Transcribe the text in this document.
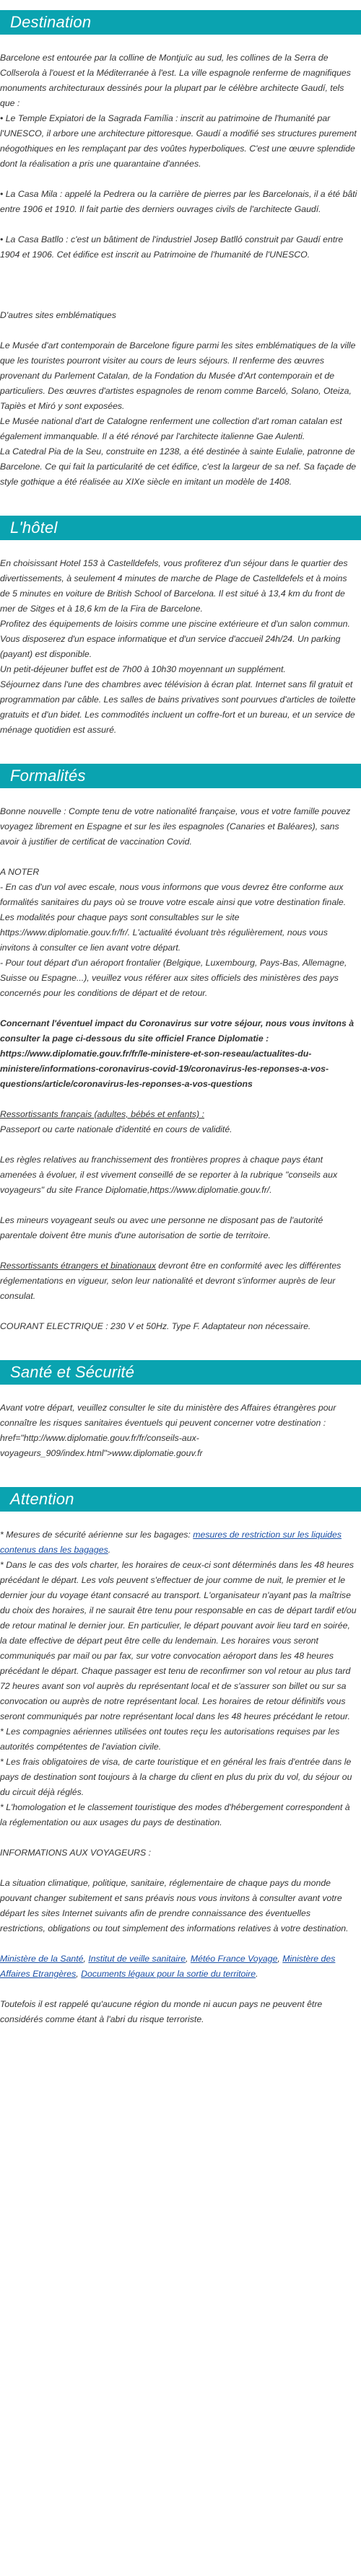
Destination

Barcelone est entourée par la colline de Montjuïc au sud, les collines de la Serra de Collserola à l'ouest et la Méditerranée à l'est. La ville espagnole renferme de magnifiques monuments architecturaux dessinés pour la plupart par le célèbre architecte Gaudí, tels que :

• Le Temple Expiatori de la Sagrada Família : inscrit au patrimoine de l'humanité par l'UNESCO, il arbore une architecture pittoresque. Gaudí a modifié ses structures purement néogothiques en les remplaçant par des voûtes hyperboliques. C'est une œuvre splendide dont la réalisation a pris une quarantaine d'années.

• La Casa Mila : appelé la Pedrera ou la carrière de pierres par les Barcelonais, il a été bâti entre 1906 et 1910. Il fait partie des derniers ouvrages civils de l'architecte Gaudí.

• La Casa Batllo : c'est un bâtiment de l'industriel Josep Batlló construit par Gaudí entre 1904 et 1906. Cet édifice est inscrit au Patrimoine de l'humanité de l'UNESCO.

D'autres sites emblématiques

Le Musée d'art contemporain de Barcelone figure parmi les sites emblématiques de la ville que les touristes pourront visiter au cours de leurs séjours. Il renferme des œuvres provenant du Parlement Catalan, de la Fondation du Musée d'Art contemporain et de particuliers. Des œuvres d'artistes espagnoles de renom comme Barceló, Solano, Oteiza, Tapiès et Miró y sont exposées.

Le Musée national d'art de Catalogne renferment une collection d'art roman catalan est également immanquable. Il a été rénové par l'architecte italienne Gae Aulenti.

La Catedral Pia de la Seu, construite en 1238, a été destinée à sainte Eulalie, patronne de Barcelone. Ce qui fait la particularité de cet édifice, c'est la largeur de sa nef. Sa façade de style gothique a été réalisée au XIXe siècle en imitant un modèle de 1408.

L'hôtel

En choisissant Hotel 153 à Castelldefels, vous profiterez d'un séjour dans le quartier des divertissements, à seulement 4 minutes de marche de Plage de Castelldefels et à moins de 5 minutes en voiture de British School of Barcelona. Il est situé à 13,4 km du front de mer de Sitges et à 18,6 km de la Fira de Barcelone.

Profitez des équipements de loisirs comme une piscine extérieure et d'un salon commun.

Vous disposerez d'un espace informatique et d'un service d'accueil 24h/24. Un parking (payant) est disponible.

Un petit-déjeuner buffet est de 7h00 à 10h30 moyennant un supplément.

Séjournez dans l'une des chambres avec télévision à écran plat. Internet sans fil gratuit et programmation par câble. Les salles de bains privatives sont pourvues d'articles de toilette gratuits et d'un bidet. Les commodités incluent un coffre-fort et un bureau, et un service de ménage quotidien est assuré.

Formalités

Bonne nouvelle : Compte tenu de votre nationalité française, vous et votre famille pouvez voyagez librement en Espagne et sur les iles espagnoles (Canaries et Baléares), sans avoir à justifier de certificat de vaccination Covid.

A NOTER

- En cas d'un vol avec escale, nous vous informons que vous devrez être conforme aux formalités sanitaires du pays où se trouve votre escale ainsi que votre destination finale.

Les modalités pour chaque pays sont consultables sur le site https://www.diplomatie.gouv.fr/fr/. L'actualité évoluant très régulièrement, nous vous invitons à consulter ce lien avant votre départ.

- Pour tout départ d'un aéroport frontalier (Belgique, Luxembourg, Pays-Bas, Allemagne, Suisse ou Espagne...), veuillez vous référer aux sites officiels des ministères des pays concernés pour les conditions de départ et de retour.

Concernant l'éventuel impact du Coronavirus sur votre séjour, nous vous invitons à consulter la page ci-dessous du site officiel France Diplomatie : https://www.diplomatie.gouv.fr/fr/le-ministere-et-son-reseau/actualites-du-ministere/informations-coronavirus-covid-19/coronavirus-les-reponses-a-vos-questions/article/coronavirus-les-reponses-a-vos-questions

Ressortissants français (adultes, bébés et enfants) :

Passeport ou carte nationale d'identité en cours de validité.

Les règles relatives au franchissement des frontières propres à chaque pays étant amenées à évoluer, il est vivement conseillé de se reporter à la rubrique "conseils aux voyageurs" du site France Diplomatie,https://www.diplomatie.gouv.fr/.

Les mineurs voyageant seuls ou avec une personne ne disposant pas de l'autorité parentale doivent être munis d'une autorisation de sortie de territoire.

Ressortissants étrangers et binationaux devront être en conformité avec les différentes réglementations en vigueur, selon leur nationalité et devront s'informer auprès de leur consulat.

COURANT ELECTRIQUE : 230 V et 50Hz. Type F. Adaptateur non nécessaire.

Santé et Sécurité

Avant votre départ, veuillez consulter le site du ministère des Affaires étrangères pour connaître les risques sanitaires éventuels qui peuvent concerner votre destination : href="http://www.diplomatie.gouv.fr/fr/conseils-aux-voyageurs_909/index.html">www.diplomatie.gouv.fr

Attention

* Mesures de sécurité aérienne sur les bagages: mesures de restriction sur les liquides contenus dans les bagages.

* Dans le cas des vols charter, les horaires de ceux-ci sont déterminés dans les 48 heures précédant le départ. Les vols peuvent s'effectuer de jour comme de nuit, le premier et le dernier jour du voyage étant consacré au transport. L'organisateur n'ayant pas la maîtrise du choix des horaires, il ne saurait être tenu pour responsable en cas de départ tardif et/ou de retour matinal le dernier jour. En particulier, le départ pouvant avoir lieu tard en soirée, la date effective de départ peut être celle du lendemain. Les horaires vous seront communiqués par mail ou par fax, sur votre convocation aéroport dans les 48 heures précédant le départ. Chaque passager est tenu de reconfirmer son vol retour au plus tard 72 heures avant son vol auprès du représentant local et de s'assurer son billet ou sur sa convocation ou auprès de notre représentant local. Les horaires de retour définitifs vous seront communiqués par notre représentant local dans les 48 heures précédant le retour.

* Les compagnies aériennes utilisées ont toutes reçu les autorisations requises par les autorités compétentes de l'aviation civile.

* Les frais obligatoires de visa, de carte touristique et en général les frais d'entrée dans le pays de destination sont toujours à la charge du client en plus du prix du vol, du séjour ou du circuit déjà réglés.

* L'homologation et le classement touristique des modes d'hébergement correspondent à la réglementation ou aux usages du pays de destination.

INFORMATIONS AUX VOYAGEURS :

La situation climatique, politique, sanitaire, réglementaire de chaque pays du monde pouvant changer subitement et sans préavis nous vous invitons à consulter avant votre départ les sites Internet suivants afin de prendre connaissance des éventuelles restrictions, obligations ou tout simplement des informations relatives à votre destination.

Ministère de la Santé, Institut de veille sanitaire, Météo France Voyage, Ministère des Affaires Etrangères, Documents légaux pour la sortie du territoire.

Toutefois il est rappelé qu'aucune région du monde ni aucun pays ne peuvent être considérés comme étant à l'abri du risque terroriste.
